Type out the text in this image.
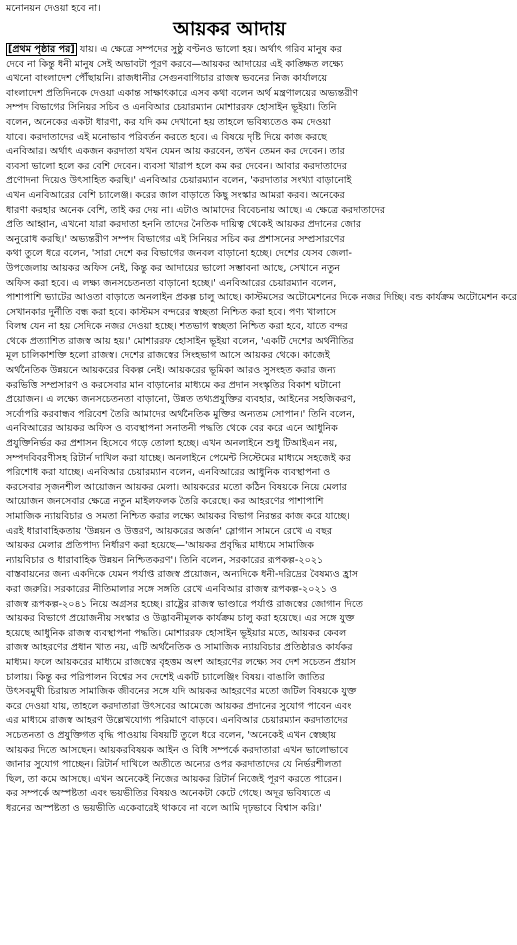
মনোনয়ন দেওয়া হবে না।
আয়কর আদায়
[প্রথম পৃষ্ঠার পর] যায়। এ ক্ষেত্রে সম্পদের সুষ্ঠু বণ্টনও ভালো হয়। অর্থাৎ গরিব মানুষ কর
দেবে না কিন্তু ধনী মানুষ সেই অভাবটা পূরণ করবে—আয়কর আদায়ের এই কাঙ্ক্ষিত লক্ষ্যে
এখনো বাংলাদেশ পৌঁছায়নি। রাজধানীর সেগুনবাগিচার রাজস্ব ভবনের নিজ কার্যালয়ে
বাংলাদেশ প্রতিদিনকে দেওয়া একান্ত সাক্ষাৎকারে এসব কথা বলেন অর্থ মন্ত্রণালয়ের অভ্যন্তরীণ
সম্পদ বিভাগের সিনিয়র সচিব ও এনবিআর চেয়ারম্যান মোশাররফ হোসাইন ভূইয়া। তিনি
বলেন, অনেকের একটা ধারণা, কর যদি কম দেখানো হয় তাহলে ভবিষ্যতেও কম দেওয়া
যাবে। করদাতাদের এই মনোভাব পরিবর্তন করতে হবে। এ বিষয়ে দৃষ্টি দিয়ে কাজ করছে
এনবিআর। অর্থাৎ একজন করদাতা যখন যেমন আয় করবেন, তখন তেমন কর দেবেন। তার
ব্যবসা ভালো হলে কর বেশি দেবেন। ব্যবসা খারাপ হলে কম কর দেবেন। আবার করদাতাদের
প্রণোদনা দিয়েও উৎসাহিত করছি।' এনবিআর চেয়ারম্যান বলেন, 'করদাতার সংখ্যা বাড়ানোই
এখন এনবিআরের বেশি চ্যালেঞ্জ। করের জাল বাড়াতে কিছু সংস্কার আমরা করব। অনেকের
ধারণা করহার অনেক বেশি, তাই কর দেয় না। এটাও আমাদের বিবেচনায় আছে। এ ক্ষেত্রে করদাতাদের
প্রতি আহ্বান, এখনো যারা করদাতা হননি তাদের নৈতিক দায়িত্ব থেকেই আয়কর প্রদানের জোর
অনুরোধ করছি।' অভ্যন্তরীণ সম্পদ বিভাগের এই সিনিয়র সচিব কর প্রশাসনের সম্প্রসারণের
কথা তুলে ধরে বলেন, 'সারা দেশে কর বিভাগের জনবল বাড়ানো হচ্ছে। দেশের যেসব জেলা-
উপজেলায় আয়কর অফিস নেই, কিন্তু কর আদায়ের ভালো সম্ভাবনা আছে, সেখানে নতুন
অফিস করা হবে। এ লক্ষ্য জনসচেতনতা বাড়ানো হচ্ছে।' এনবিআরের চেয়ারম্যান বলেন,
পাশাপাশি ভ্যাটের আওতা বাড়াতে অনলাইন প্রকল্প চালু আছে। কাস্টমসের অটোমেশনের দিকে নজর দিচ্ছি। বন্ড কার্যক্রম অটোমেশন করে
সেখানকার দুর্নীতি বন্ধ করা হবে। কাস্টমস বন্দরের স্বচ্ছতা নিশ্চিত করা হবে। পণ্য খালাসে
বিলম্ব যেন না হয় সেদিকে নজর দেওয়া হচ্ছে। শতভাগ স্বচ্ছতা নিশ্চিত করা হবে, যাতে বন্দর
থেকে প্রত্যাশিত রাজস্ব আয় হয়।' মোশাররফ হোসাইন ভূইয়া বলেন, 'একটি দেশের অর্থনীতির
মূল চালিকাশক্তি হলো রাজস্ব। দেশের রাজস্বের সিংহভাগ আসে আয়কর থেকে। কাজেই
অর্থনৈতিক উন্নয়নে আয়করের বিকল্প নেই। আয়করের ভূমিকা আরও সুসংহত করার জন্য
করভিত্তি সম্প্রসারণ ও করসেবার মান বাড়ানোর মাধ্যমে কর প্রদান সংস্কৃতির বিকাশ ঘটানো
প্রয়োজন। এ লক্ষ্যে জনসচেতনতা বাড়ানো, উন্নত তথ্যপ্রযুক্তির ব্যবহার, আইনের সহজিকরণ,
সর্বোপরি করবান্ধব পরিবেশ তৈরি আমাদের অর্থনৈতিক মুক্তির অন্যতম সোপান।' তিনি বলেন,
এনবিআরের আয়কর অফিস ও ব্যবস্থাপনা সনাতনী পদ্ধতি থেকে বের করে এনে আধুনিক
প্রযুক্তিনির্ভর কর প্রশাসন হিসেবে গড়ে তোলা হচ্ছে। এখন অনলাইনে শুধু টিআইএন নয়,
সম্পদবিবরণীসহ রিটার্ন দাখিল করা যাচ্ছে। অনলাইনে পেমেন্ট সিস্টেমের মাধ্যমে সহজেই কর
পরিশোধ করা যাচ্ছে। এনবিআর চেয়ারম্যান বলেন, এনবিআরের আধুনিক ব্যবস্থাপনা ও
করসেবার সৃজনশীল আয়োজন আয়কর মেলা। আয়করের মতো কঠিন বিষয়কে নিয়ে মেলার
আয়োজন জনসেবার ক্ষেত্রে নতুন মাইলফলক তৈরি করেছে। কর আহরণের পাশাপাশি
সামাজিক ন্যায়বিচার ও সমতা নিশ্চিত করার লক্ষ্যে আয়কর বিভাগ নিরন্তর কাজ করে যাচ্ছে।
এরই ধারাবাহিকতায় 'উন্নয়ন ও উত্তরণ, আয়করের অর্জন' স্লোগান সামনে রেখে এ বছর
আয়কর মেলার প্রতিপাদ্য নির্ধারণ করা হয়েছে—'আয়কর প্রবৃদ্ধির মাধ্যমে সামাজিক
ন্যায়বিচার ও ধারাবাহিক উন্নয়ন নিশ্চিতকরণ'। তিনি বলেন, সরকারের রূপকল্প-২০২১
বাস্তবায়নের জন্য একদিকে যেমন পর্যাপ্ত রাজস্ব প্রয়োজন, অন্যদিকে ধনী-দরিদ্রের বৈষম্যও হ্রাস
করা জরুরি। সরকারের নীতিমালার সঙ্গে সঙ্গতি রেখে এনবিআর রাজস্ব রূপকল্প-২০২১ ও
রাজস্ব রূপকল্প-২০৪১ নিয়ে অগ্রসর হচ্ছে। রাষ্ট্রের রাজস্ব ভাণ্ডারে পর্যাপ্ত রাজস্বের জোগান দিতে
আয়কর বিভাগে প্রয়োজনীয় সংস্কার ও উদ্ভাবনীমূলক কার্যক্রম চালু করা হয়েছে। এর সঙ্গে যুক্ত
হয়েছে আধুনিক রাজস্ব ব্যবস্থাপনা পদ্ধতি। মোশাররফ হোসাইন ভূইয়ার মতে, আয়কর কেবল
রাজস্ব আহরণের প্রধান খাত নয়, এটি অর্থনৈতিক ও সামাজিক ন্যায়বিচার প্রতিষ্ঠারও কার্যকর
মাধ্যম। ফলে আয়করের মাধ্যমে রাজস্বের বৃহত্তম অংশ আহরণের লক্ষ্যে সব দেশ সচেতন প্রয়াস
চালায়। কিন্তু কর পরিপালন বিশ্বের সব দেশেই একটি চ্যালেঞ্জিং বিষয়। বাঙালি জাতির
উৎসবমুখী চিরায়ত সামাজিক জীবনের সঙ্গে যদি আয়কর আহরণের মতো জটিল বিষয়কে যুক্ত
করে দেওয়া যায়, তাহলে করদাতারা উৎসবের আমেজে আয়কর প্রদানের সুযোগ পাবেন এবং
এর মাধ্যমে রাজস্ব আহরণ উল্লেখযোগ্য পরিমাণে বাড়বে। এনবিআর চেয়ারম্যান করদাতাদের
সচেতনতা ও প্রযুক্তিগত বৃদ্ধি পাওয়ায় বিষয়টি তুলে ধরে বলেন, 'অনেকেই এখন স্বেচ্ছায়
আয়কর দিতে আসছেন। আয়করবিষয়ক আইন ও বিধি সম্পর্কে করদাতারা এখন ভালোভাবে
জানার সুযোগ পাচ্ছেন। রিটার্ন দাখিলে অতীতে অন্যের ওপর করদাতাদের যে নির্ভরশীলতা
ছিল, তা কমে আসছে। এখন অনেকেই নিজের আয়কর রিটার্ন নিজেই পূরণ করতে পারেন।
কর সম্পর্কে অস্পষ্টতা এবং ভয়ভীতির বিষয়ও অনেকটা কেটে গেছে। অদূর ভবিষ্যতে এ
ধরনের অস্পষ্টতা ও ভয়ভীতি একেবারেই থাকবে না বলে আমি দৃঢ়ভাবে বিশ্বাস করি।'
